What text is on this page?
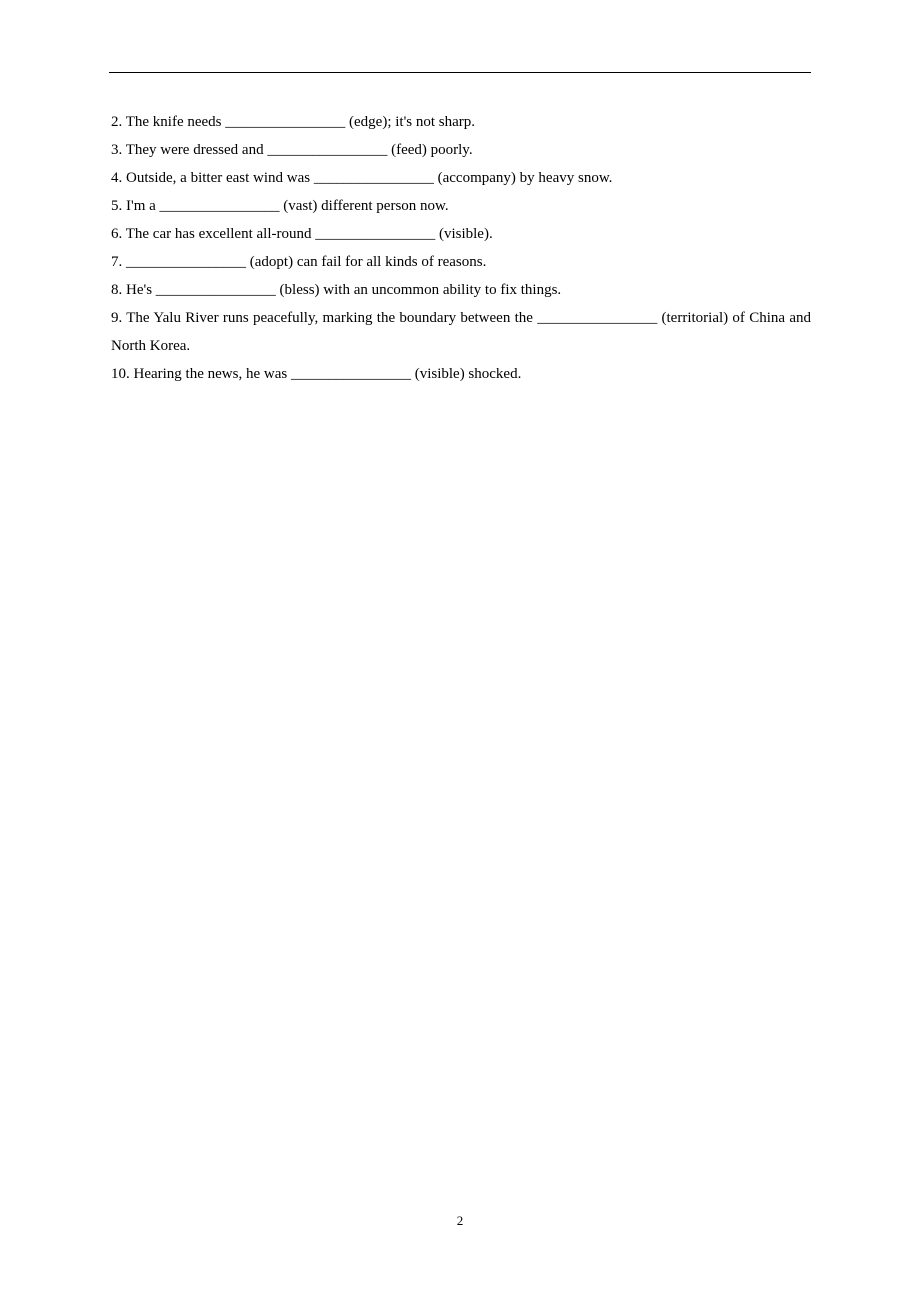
2. The knife needs ________________ (edge); it's not sharp.
3. They were dressed and ________________ (feed) poorly.
4. Outside, a bitter east wind was ________________ (accompany) by heavy snow.
5. I'm a ________________ (vast) different person now.
6. The car has excellent all-round ________________ (visible).
7. ________________ (adopt) can fail for all kinds of reasons.
8. He's ________________ (bless) with an uncommon ability to fix things.
9. The Yalu River runs peacefully, marking the boundary between the ________________ (territorial) of China and North Korea.
10. Hearing the news, he was ________________ (visible) shocked.
2
